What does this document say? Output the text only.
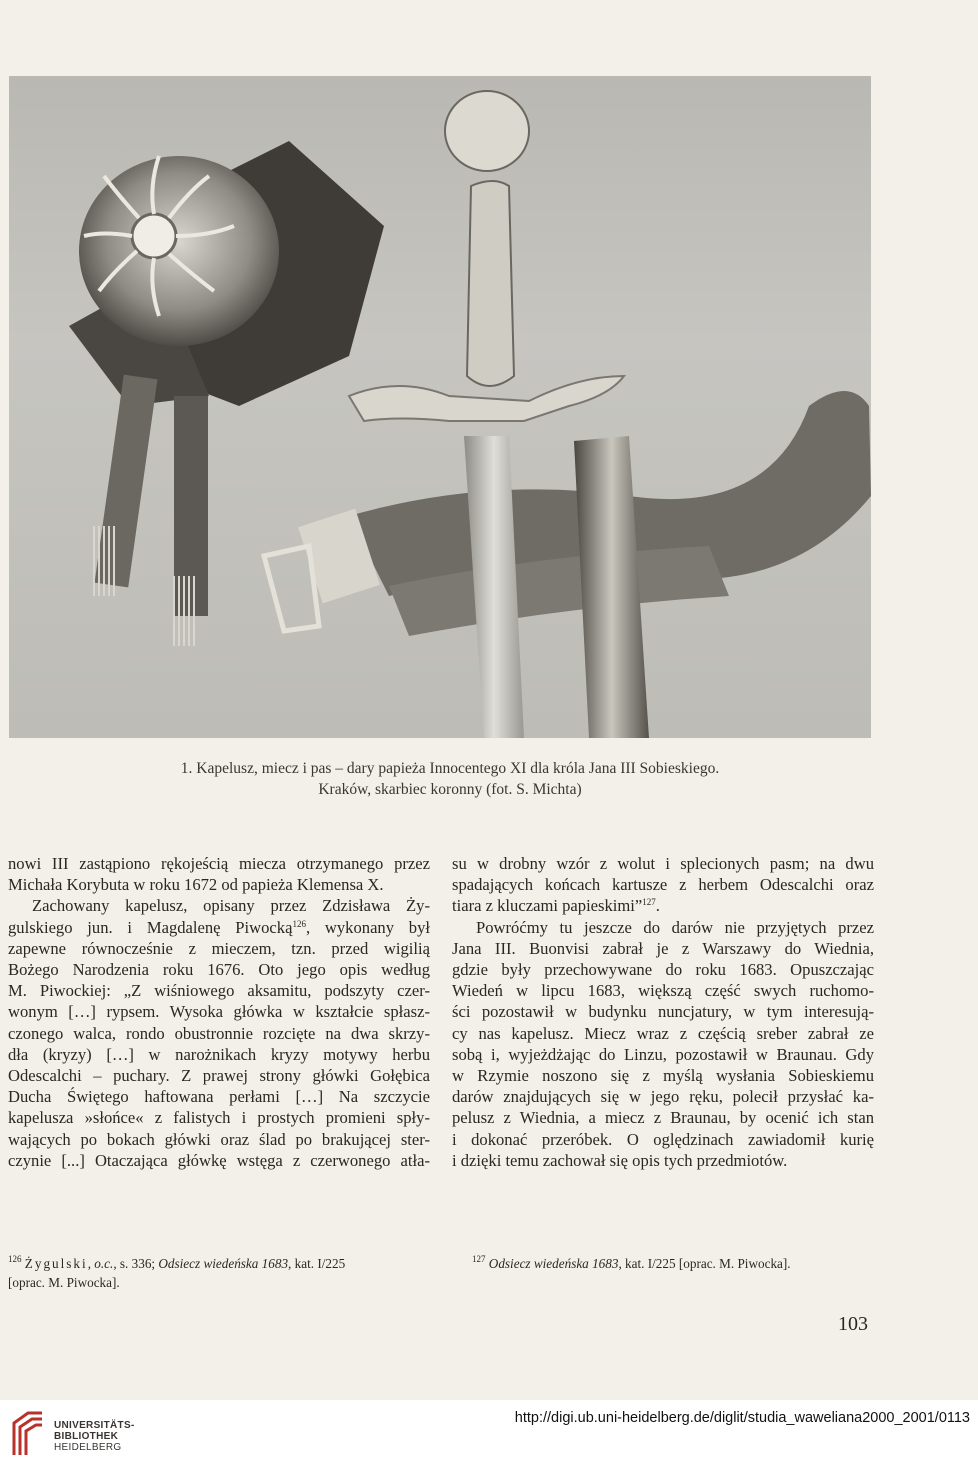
1. Kapelusz, miecz i pas – dary papieża Innocentego XI dla króla Jana III Sobieskiego.
Kraków, skarbiec koronny (fot. S. Michta)
nowi III zastąpiono rękojeścią miecza otrzymanego przez
Michała Korybuta w roku 1672 od papieża Klemensa X.
Zachowany kapelusz, opisany przez Zdzisława Ży-
gulskiego jun. i Magdalenę Piwocką$^{126}$, wykonany był
zapewne równocześnie z mieczem, tzn. przed wigilią
Bożego Narodzenia roku 1676. Oto jego opis według
M. Piwockiej: „Z wiśniowego aksamitu, podszyty czer-
wonym […] rypsem. Wysoka główka w kształcie spłasz-
czonego walca, rondo obustronnie rozcięte na dwa skrzy-
dła (kryzy) […] w narożnikach kryzy motywy herbu
Odescalchi – puchary. Z prawej strony główki Gołębica
Ducha Świętego haftowana perłami […] Na szczycie
kapelusza »słońce« z falistych i prostych promieni spły-
wających po bokach główki oraz ślad po brakującej ster-
czynie [...] Otaczająca główkę wstęga z czerwonego atła-
su w drobny wzór z wolut i splecionych pasm; na dwu
spadających końcach kartusze z herbem Odescalchi oraz
tiara z kluczami papieskimi”$^{127}$.
Powróćmy tu jeszcze do darów nie przyjętych przez
Jana III. Buonvisi zabrał je z Warszawy do Wiednia,
gdzie były przechowywane do roku 1683. Opuszczając
Wiedeń w lipcu 1683, większą część swych ruchomo-
ści pozostawił w budynku nuncjatury, w tym interesują-
cy nas kapelusz. Miecz wraz z częścią sreber zabrał ze
sobą i, wyjeżdżając do Linzu, pozostawił w Braunau. Gdy
w Rzymie noszono się z myślą wysłania Sobieskiemu
darów znajdujących się w jego ręku, polecił przysłać ka-
pelusz z Wiednia, a miecz z Braunau, by ocenić ich stan
i dokonać przeróbek. O oględzinach zawiadomił kurię
i dzięki temu zachował się opis tych przedmiotów.
$^{126}$ Żygulski, o.c., s. 336; Odsiecz wiedeńska 1683, kat. I/225
[oprac. M. Piwocka].
$^{127}$ Odsiecz wiedeńska 1683, kat. I/225 [oprac. M. Piwocka].
103
UNIVERSITÄTS-
BIBLIOTHEK

HEIDELBERG
http://digi.ub.uni-heidelberg.de/diglit/studia_waweliana2000_2001/0113
